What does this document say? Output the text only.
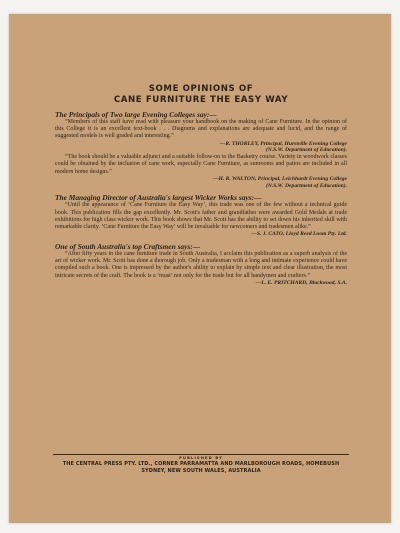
SOME OPINIONS OF
CANE FURNITURE THE EASY WAY
The Principals of Two large Evening Colleges say:—

“Members of this staff have read with pleasure your handbook on the making of Cane Furniture. In the opinion of this College it is an excellent text-book . . . Diagrams and explanations are adequate and lucid, and the range of suggested models is well graded and interesting.”

—R. THORLEY, Principal, Hurstville Evening College
(N.S.W. Department of Education).

“The book should be a valuable adjunct and a suitable follow-on to the Basketry course. Variety in woodwork classes could be obtained by the inclusion of cane work, especially Cane Furniture, as sunrooms and patios are included in all modern home designs.”

—H. R. WALTON, Principal, Leichhardt Evening College
(N.S.W. Department of Education).
The Managing Director of Australia's largest Wicker Works says:—

“Until the appearance of ‘Cane Furniture the Easy Way’, this trade was one of the few without a technical guide book. This publication fills the gap excellently. Mr. Scott's father and grandfather were awarded Gold Medals at trade exhibitions for high class wicker work. This book shows that Mr. Scott has the ability to set down his inherited skill with remarkable clarity. ‘Cane Furniture the Easy Way’ will be invaluable for newcomers and tradesmen alike.”

—S. J. CATO, Lloyd Reed Loom Pty. Ltd.
One of South Australia's top Craftsmen says:—

“After fifty years in the cane furniture trade in South Australia, I acclaim this publication as a superb analysis of the art of wicker work. Mr. Scott has done a thorough job. Only a tradesman with a long and intimate experience could have compiled such a book. One is impressed by the author's ability to explain by simple text and clear illustration, the most intricate secrets of the craft. The book is a ‘must’ not only for the trade but for all handymen and crafters.”

—L. E. PRITCHARD, Blackwood, S.A.
PUBLISHED BY
THE CENTRAL PRESS PTY. LTD., CORNER PARRAMATTA AND MARLBOROUGH ROADS, HOMEBUSH
SYDNEY, NEW SOUTH WALES, AUSTRALIA
